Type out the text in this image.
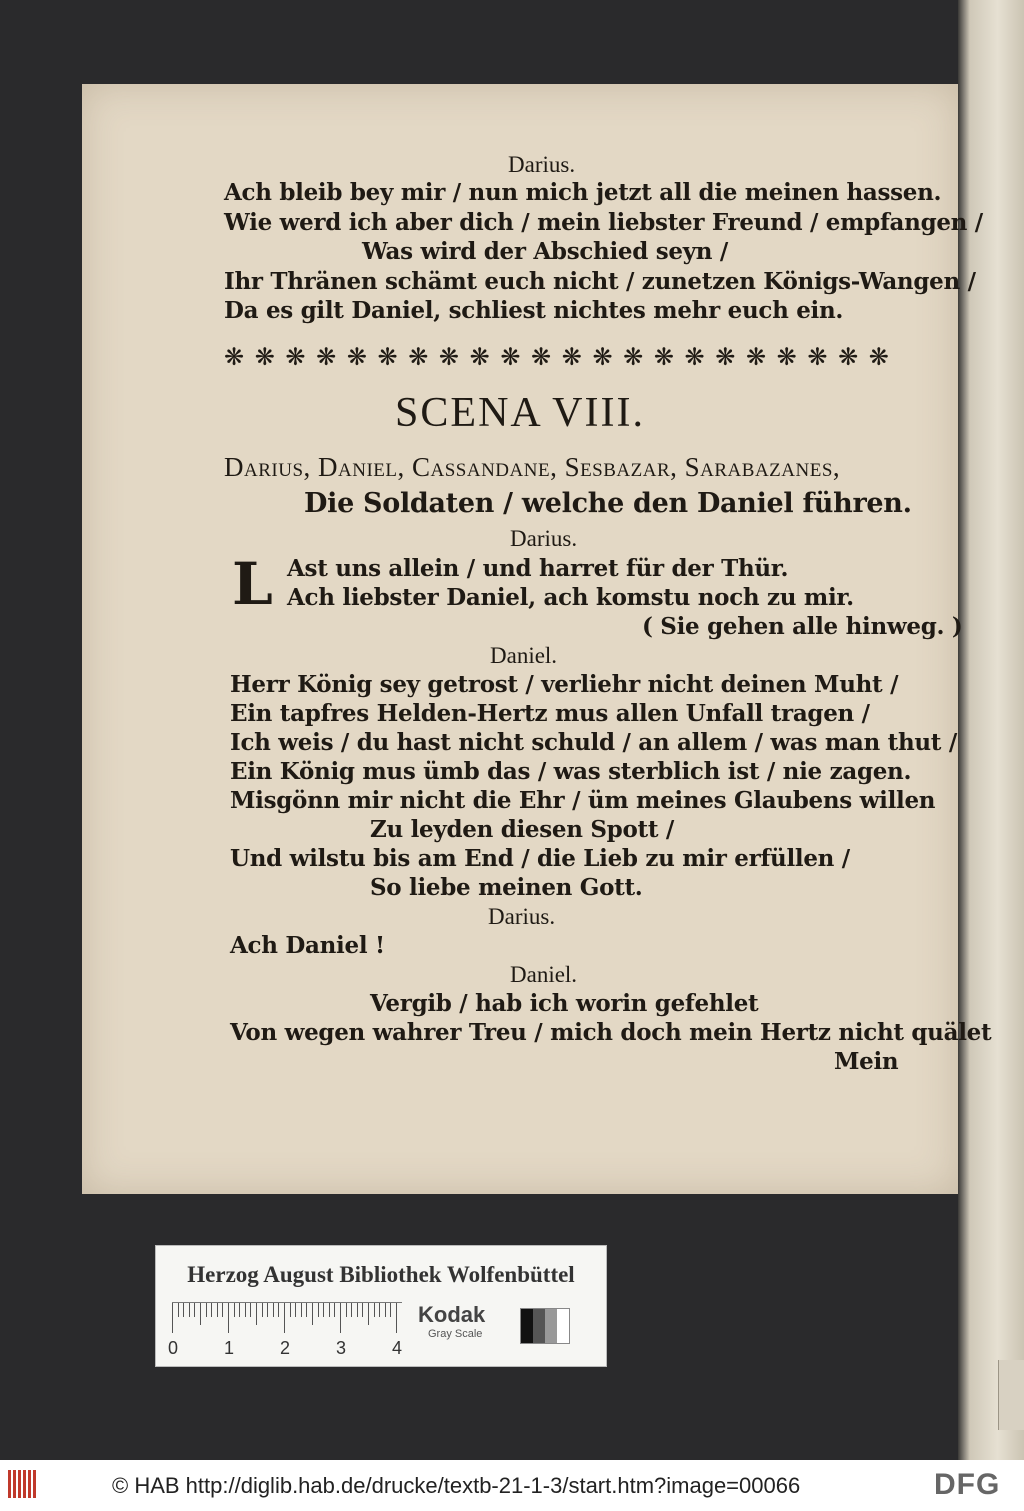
Darius.
Ach bleib bey mir / nun mich jetzt all die meinen hassen.
Wie werd ich aber dich / mein liebster Freund / empfangen /
Was wird der Abschied seyn /
Ihr Thränen schämt euch nicht / zunetzen Königs-Wangen /
Da es gilt Daniel, schliest nichtes mehr euch ein.
❋ ❋ ❋ ❋ ❋ ❋ ❋ ❋ ❋ ❋ ❋ ❋ ❋ ❋ ❋ ❋ ❋ ❋ ❋ ❋ ❋ ❋
SCENA VIII.
Darius, Daniel, Cassandane, Sesbazar, Sarabazanes,
Die Soldaten / welche den Daniel führen.
L
Darius.
Ast uns allein / und harret für der Thür.
Ach liebster Daniel, ach komstu noch zu mir.
( Sie gehen alle hinweg. )
Daniel.
Herr König sey getrost / verliehr nicht deinen Muht /
Ein tapfres Helden-Hertz mus allen Unfall tragen /
Ich weis / du hast nicht schuld / an allem / was man thut /
Ein König mus ümb das / was sterblich ist / nie zagen.
Misgönn mir nicht die Ehr / üm meines Glaubens willen
Zu leyden diesen Spott /
Und wilstu bis am End / die Lieb zu mir erfüllen /
So liebe meinen Gott.
Darius.
Ach Daniel !
Daniel.
Vergib / hab ich worin gefehlet
Von wegen wahrer Treu / mich doch mein Hertz nicht quälet
Mein
Herzog August Bibliothek Wolfenbüttel
0	1	2	3	4
Kodak
Gray Scale
© HAB http://diglib.hab.de/drucke/textb-21-1-3/start.htm?image=00066	DFG
